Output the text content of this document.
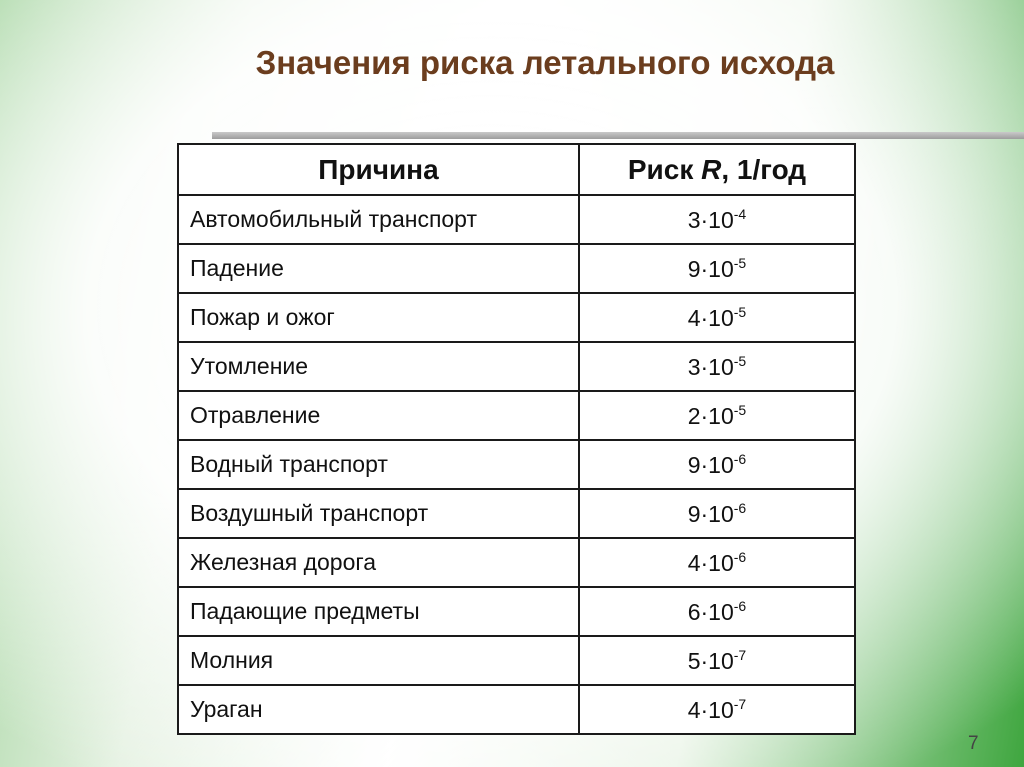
Значения риска летального исхода
Причина	Риск R, 1/год
Автомобильный транспорт	$3\cdot 10^{-4}$
Падение	$9\cdot 10^{-5}$
Пожар и ожог	$4\cdot 10^{-5}$
Утомление	$3\cdot 10^{-5}$
Отравление	$2\cdot 10^{-5}$
Водный транспорт	$9\cdot 10^{-6}$
Воздушный транспорт	$9\cdot 10^{-6}$
Железная дорога	$4\cdot 10^{-6}$
Падающие предметы	$6\cdot 10^{-6}$
Молния	$5\cdot 10^{-7}$
Ураган	$4\cdot 10^{-7}$
7
